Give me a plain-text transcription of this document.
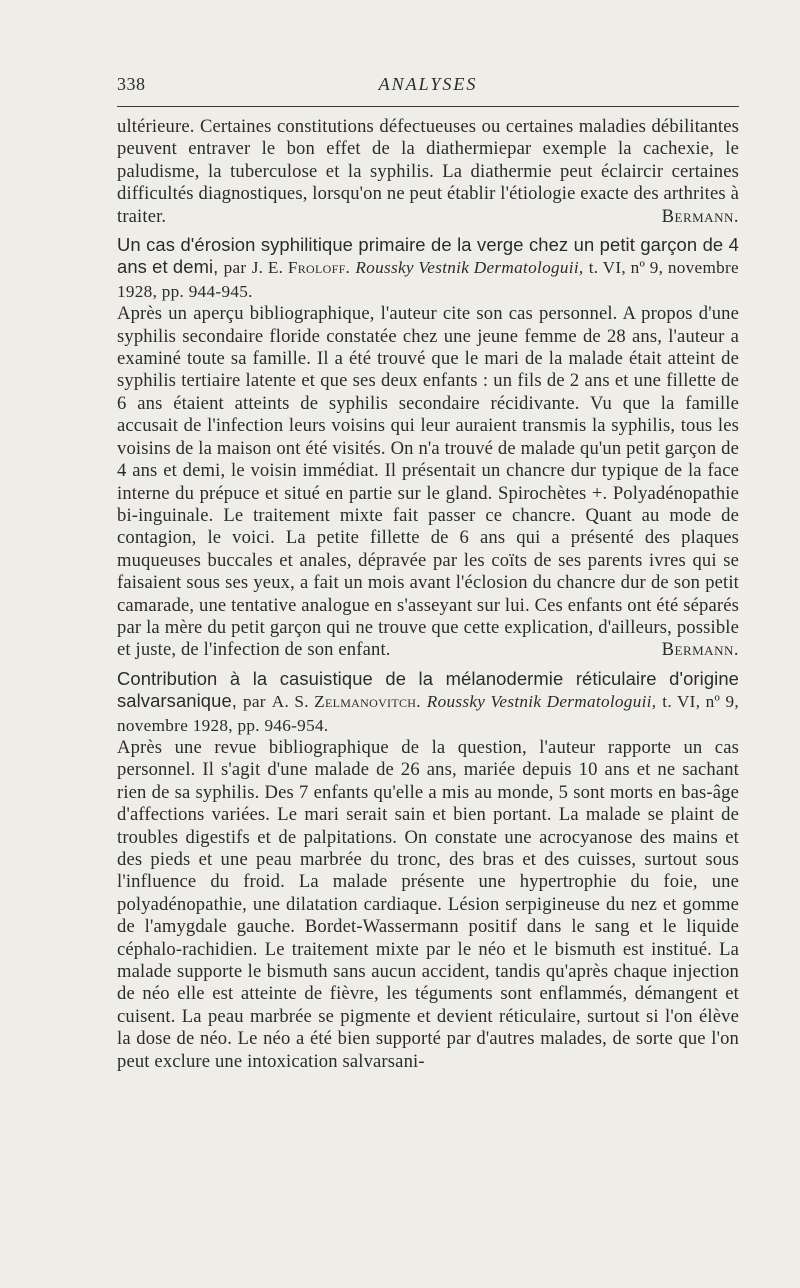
338	ANALYSES

ultérieure. Certaines constitutions défectueuses ou certaines maladies débilitantes peuvent entraver le bon effet de la diathermiepar exemple la cachexie, le paludisme, la tuberculose et la syphilis. La diathermie peut éclaircir certaines difficultés diagnostiques, lorsqu'on ne peut établir l'étiologie exacte des arthrites à traiter.	Bermann.

Un cas d'érosion syphilitique primaire de la verge chez un petit garçon de 4 ans et demi, par J. E. Froloff. Roussky Vestnik Dermatologuii, t. VI, nº 9, novembre 1928, pp. 944-945.

Après un aperçu bibliographique, l'auteur cite son cas personnel. A propos d'une syphilis secondaire floride constatée chez une jeune femme de 28 ans, l'auteur a examiné toute sa famille. Il a été trouvé que le mari de la malade était atteint de syphilis tertiaire latente et que ses deux enfants : un fils de 2 ans et une fillette de 6 ans étaient atteints de syphilis secondaire récidivante. Vu que la famille accusait de l'infection leurs voisins qui leur auraient transmis la syphilis, tous les voisins de la maison ont été visités. On n'a trouvé de malade qu'un petit garçon de 4 ans et demi, le voisin immédiat. Il présentait un chancre dur typique de la face interne du prépuce et situé en partie sur le gland. Spirochètes +. Polyadénopathie bi-inguinale. Le traitement mixte fait passer ce chancre. Quant au mode de contagion, le voici. La petite fillette de 6 ans qui a présenté des plaques muqueuses buccales et anales, dépravée par les coïts de ses parents ivres qui se faisaient sous ses yeux, a fait un mois avant l'éclosion du chancre dur de son petit camarade, une tentative analogue en s'asseyant sur lui. Ces enfants ont été séparés par la mère du petit garçon qui ne trouve que cette explication, d'ailleurs, possible et juste, de l'infection de son enfant.	Bermann.

Contribution à la casuistique de la mélanodermie réticulaire d'origine salvarsanique, par A. S. Zelmanovitch. Roussky Vestnik Dermatologuii, t. VI, nº 9, novembre 1928, pp. 946-954.

Après une revue bibliographique de la question, l'auteur rapporte un cas personnel. Il s'agit d'une malade de 26 ans, mariée depuis 10 ans et ne sachant rien de sa syphilis. Des 7 enfants qu'elle a mis au monde, 5 sont morts en bas-âge d'affections variées. Le mari serait sain et bien portant. La malade se plaint de troubles digestifs et de palpitations. On constate une acrocyanose des mains et des pieds et une peau marbrée du tronc, des bras et des cuisses, surtout sous l'influence du froid. La malade présente une hypertrophie du foie, une polyadénopathie, une dilatation cardiaque. Lésion serpigineuse du nez et gomme de l'amygdale gauche. Bordet-Wassermann positif dans le sang et le liquide céphalo-rachidien. Le traitement mixte par le néo et le bismuth est institué. La malade supporte le bismuth sans aucun accident, tandis qu'après chaque injection de néo elle est atteinte de fièvre, les téguments sont enflammés, démangent et cuisent. La peau marbrée se pigmente et devient réticulaire, surtout si l'on élève la dose de néo. Le néo a été bien supporté par d'autres malades, de sorte que l'on peut exclure une intoxication salvarsani-
